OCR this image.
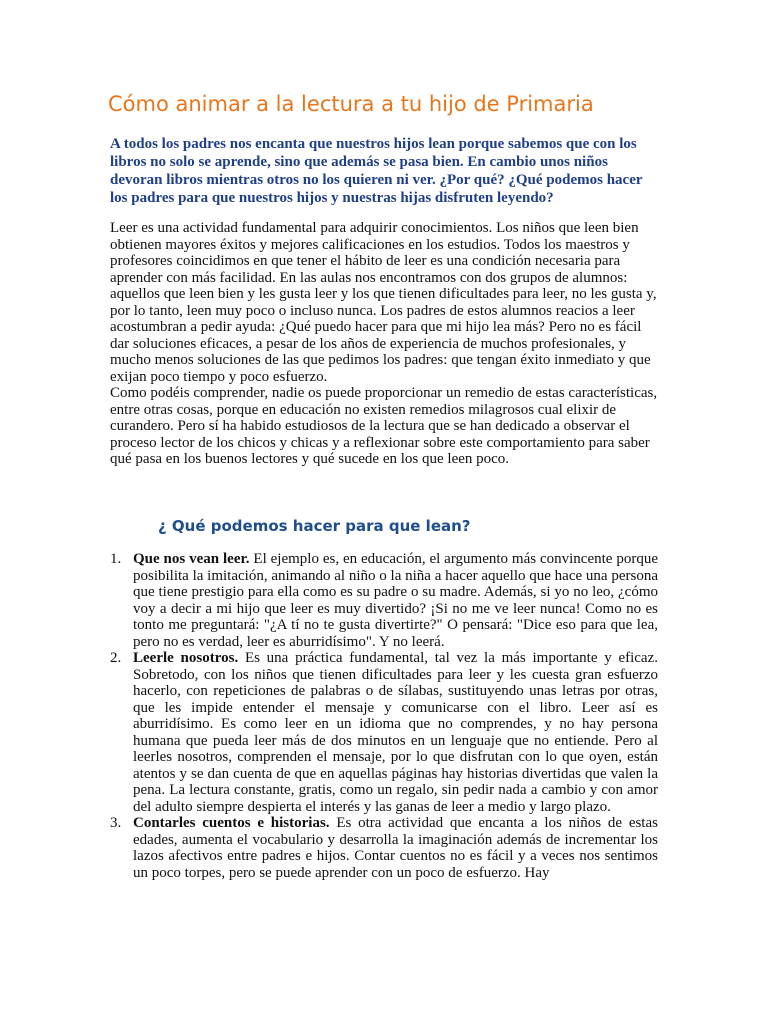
Cómo animar a la lectura a tu hijo de Primaria

A todos los padres nos encanta que nuestros hijos lean porque sabemos que con los libros no solo se aprende, sino que además se pasa bien. En cambio unos niños devoran libros mientras otros no los quieren ni ver. ¿Por qué? ¿Qué podemos hacer los padres para que nuestros hijos y nuestras hijas disfruten leyendo?

Leer es una actividad fundamental para adquirir conocimientos. Los niños que leen bien obtienen mayores éxitos y mejores calificaciones en los estudios. Todos los maestros y profesores coincidimos en que tener el hábito de leer es una condición necesaria para aprender con más facilidad. En las aulas nos encontramos con dos grupos de alumnos: aquellos que leen bien y les gusta leer y los que tienen dificultades para leer, no les gusta y, por lo tanto, leen muy poco o incluso nunca. Los padres de estos alumnos reacios a leer acostumbran a pedir ayuda: ¿Qué puedo hacer para que mi hijo lea más? Pero no es fácil dar soluciones eficaces, a pesar de los años de experiencia de muchos profesionales, y mucho menos soluciones de las que pedimos los padres: que tengan éxito inmediato y que exijan poco tiempo y poco esfuerzo.

Como podéis comprender, nadie os puede proporcionar un remedio de estas características, entre otras cosas, porque en educación no existen remedios milagrosos cual elixir de curandero. Pero sí ha habido estudiosos de la lectura que se han dedicado a observar el proceso lector de los chicos y chicas y a reflexionar sobre este comportamiento para saber qué pasa en los buenos lectores y qué sucede en los que leen poco.

¿ Qué podemos hacer para que lean?
1. Que nos vean leer. El ejemplo es, en educación, el argumento más convincente porque posibilita la imitación, animando al niño o la niña a hacer aquello que hace una persona que tiene prestigio para ella como es su padre o su madre. Además, si yo no leo, ¿cómo voy a decir a mi hijo que leer es muy divertido? ¡Si no me ve leer nunca! Como no es tonto me preguntará: "¿A tí no te gusta divertirte?" O pensará: "Dice eso para que lea, pero no es verdad, leer es aburridísimo". Y no leerá.
2. Leerle nosotros. Es una práctica fundamental, tal vez la más importante y eficaz. Sobretodo, con los niños que tienen dificultades para leer y les cuesta gran esfuerzo hacerlo, con repeticiones de palabras o de sílabas, sustituyendo unas letras por otras, que les impide entender el mensaje y comunicarse con el libro. Leer así es aburridísimo. Es como leer en un idioma que no comprendes, y no hay persona humana que pueda leer más de dos minutos en un lenguaje que no entiende. Pero al leerles nosotros, comprenden el mensaje, por lo que disfrutan con lo que oyen, están atentos y se dan cuenta de que en aquellas páginas hay historias divertidas que valen la pena. La lectura constante, gratis, como un regalo, sin pedir nada a cambio y con amor del adulto siempre despierta el interés y las ganas de leer a medio y largo plazo.
3. Contarles cuentos e historias. Es otra actividad que encanta a los niños de estas edades, aumenta el vocabulario y desarrolla la imaginación además de incrementar los lazos afectivos entre padres e hijos. Contar cuentos no es fácil y a veces nos sentimos un poco torpes, pero se puede aprender con un poco de esfuerzo. Hay
